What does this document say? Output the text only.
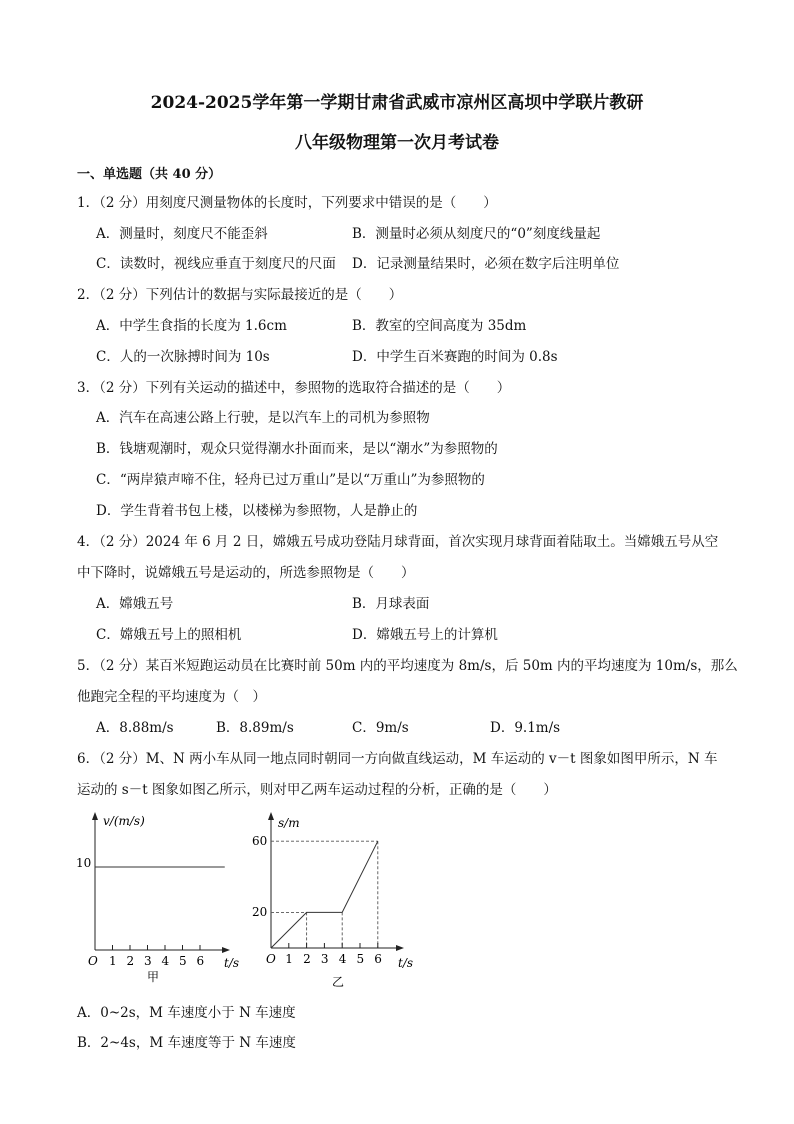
2024-2025学年第一学期甘肃省武威市凉州区高坝中学联片教研
八年级物理第一次月考试卷
一、单选题（共 40 分）
1．（2 分）用刻度尺测量物体的长度时，下列要求中错误的是（　　）
A．测量时，刻度尺不能歪斜	B．测量时必须从刻度尺的“0”刻度线量起
C．读数时，视线应垂直于刻度尺的尺面 D．记录测量结果时，必须在数字后注明单位
2．（2 分）下列估计的数据与实际最接近的是（　　）
A．中学生食指的长度为 1.6cm	B．教室的空间高度为 35dm
C．人的一次脉搏时间为 10s	D．中学生百米赛跑的时间为 0.8s
3．（2 分）下列有关运动的描述中，参照物的选取符合描述的是（　　）
A．汽车在高速公路上行驶，是以汽车上的司机为参照物
B．钱塘观潮时，观众只觉得潮水扑面而来，是以“潮水”为参照物的
C．“两岸猿声啼不住，轻舟已过万重山”是以“万重山”为参照物的
D．学生背着书包上楼，以楼梯为参照物，人是静止的
4．（2 分）2024 年 6 月 2 日，嫦娥五号成功登陆月球背面，首次实现月球背面着陆取土。当嫦娥五号从空
中下降时，说嫦娥五号是运动的，所选参照物是（　　）
A．嫦娥五号	B．月球表面
C．嫦娥五号上的照相机	D．嫦娥五号上的计算机
5．（2 分）某百米短跑运动员在比赛时前 50m 内的平均速度为 8m/s，后 50m 内的平均速度为 10m/s，那么
他跑完全程的平均速度为（　）
A．8.88m/s	B．8.89m/s	C．9m/s	D．9.1m/s
6．（2 分）M、N 两小车从同一地点同时朝同一方向做直线运动，M 车运动的 v－t 图象如图甲所示，N 车
运动的 s－t 图象如图乙所示，则对甲乙两车运动过程的分析，正确的是（　　）
v/(m/s)
10
1 2 3 4 5 6
O	t/s
甲
s/m
1 2 3 4 5 6
60
20
O	t/s
乙
A．0~2s，M 车速度小于 N 车速度
B．2~4s，M 车速度等于 N 车速度
